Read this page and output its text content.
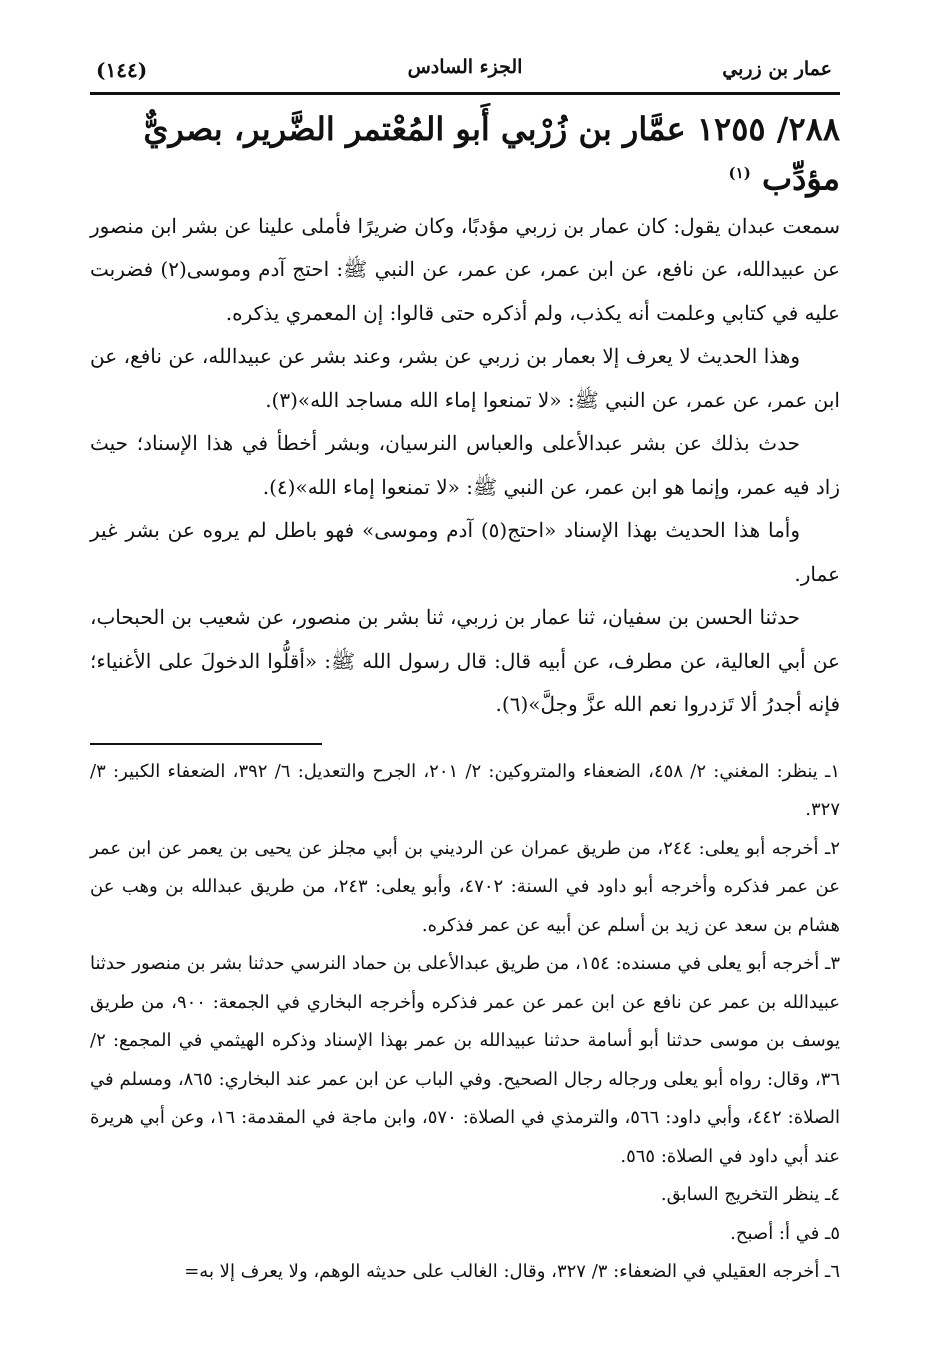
عمار بن زربي
الجزء السادس
(١٤٤)
٢٨٨/ ١٢٥٥ عمَّار بن زُرْبي أَبو المُعْتمر الضَّرير، بصريٌّ مؤدِّب $^{(١)}$

سمعت عبدان يقول: كان عمار بن زربي مؤدبًا، وكان ضريرًا فأملى علينا عن بشر ابن منصور عن عبيدالله، عن نافع، عن ابن عمر، عن عمر، عن النبي ﷺ: احتج آدم وموسى(٢) فضربت عليه في كتابي وعلمت أنه يكذب، ولم أذكره حتى قالوا: إن المعمري يذكره.

وهذا الحديث لا يعرف إلا بعمار بن زربي عن بشر، وعند بشر عن عبيدالله، عن نافع، عن ابن عمر، عن عمر، عن النبي ﷺ: «لا تمنعوا إماء الله مساجد الله»(٣).

حدث بذلك عن بشر عبدالأعلى والعباس النرسيان، وبشر أخطأ في هذا الإسناد؛ حيث زاد فيه عمر، وإنما هو ابن عمر، عن النبي ﷺ: «لا تمنعوا إماء الله»(٤).

وأما هذا الحديث بهذا الإسناد «احتج(٥) آدم وموسى» فهو باطل لم يروه عن بشر غير عمار.

حدثنا الحسن بن سفيان، ثنا عمار بن زربي، ثنا بشر بن منصور، عن شعيب بن الحبحاب، عن أبي العالية، عن مطرف، عن أبيه قال: قال رسول الله ﷺ: «أقلُّوا الدخولَ على الأغنياء؛ فإنه أجدرُ ألا تَزدروا نعم الله عزَّ وجلَّ»(٦).

١ـ ينظر: المغني: ٢/ ٤٥٨، الضعفاء والمتروكين: ٢/ ٢٠١، الجرح والتعديل: ٦/ ٣٩٢، الضعفاء الكبير: ٣/ ٣٢٧.

٢ـ أخرجه أبو يعلى: ٢٤٤، من طريق عمران عن الرديني بن أبي مجلز عن يحيى بن يعمر عن ابن عمر عن عمر فذكره وأخرجه أبو داود في السنة: ٤٧٠٢، وأبو يعلى: ٢٤٣، من طريق عبدالله بن وهب عن هشام بن سعد عن زيد بن أسلم عن أبيه عن عمر فذكره.

٣ـ أخرجه أبو يعلى في مسنده: ١٥٤، من طريق عبدالأعلى بن حماد النرسي حدثنا بشر بن منصور حدثنا عبيدالله بن عمر عن نافع عن ابن عمر عن عمر فذكره وأخرجه البخاري في الجمعة: ٩٠٠، من طريق يوسف بن موسى حدثنا أبو أسامة حدثنا عبيدالله بن عمر بهذا الإسناد وذكره الهيثمي في المجمع: ٢/ ٣٦، وقال: رواه أبو يعلى ورجاله رجال الصحيح. وفي الباب عن ابن عمر عند البخاري: ٨٦٥، ومسلم في الصلاة: ٤٤٢، وأبي داود: ٥٦٦، والترمذي في الصلاة: ٥٧٠، وابن ماجة في المقدمة: ١٦، وعن أبي هريرة عند أبي داود في الصلاة: ٥٦٥.

٤ـ ينظر التخريج السابق.

٥ـ في أ: أصبح.

٦ـ أخرجه العقيلي في الضعفاء: ٣/ ٣٢٧، وقال: الغالب على حديثه الوهم، ولا يعرف إلا به=
